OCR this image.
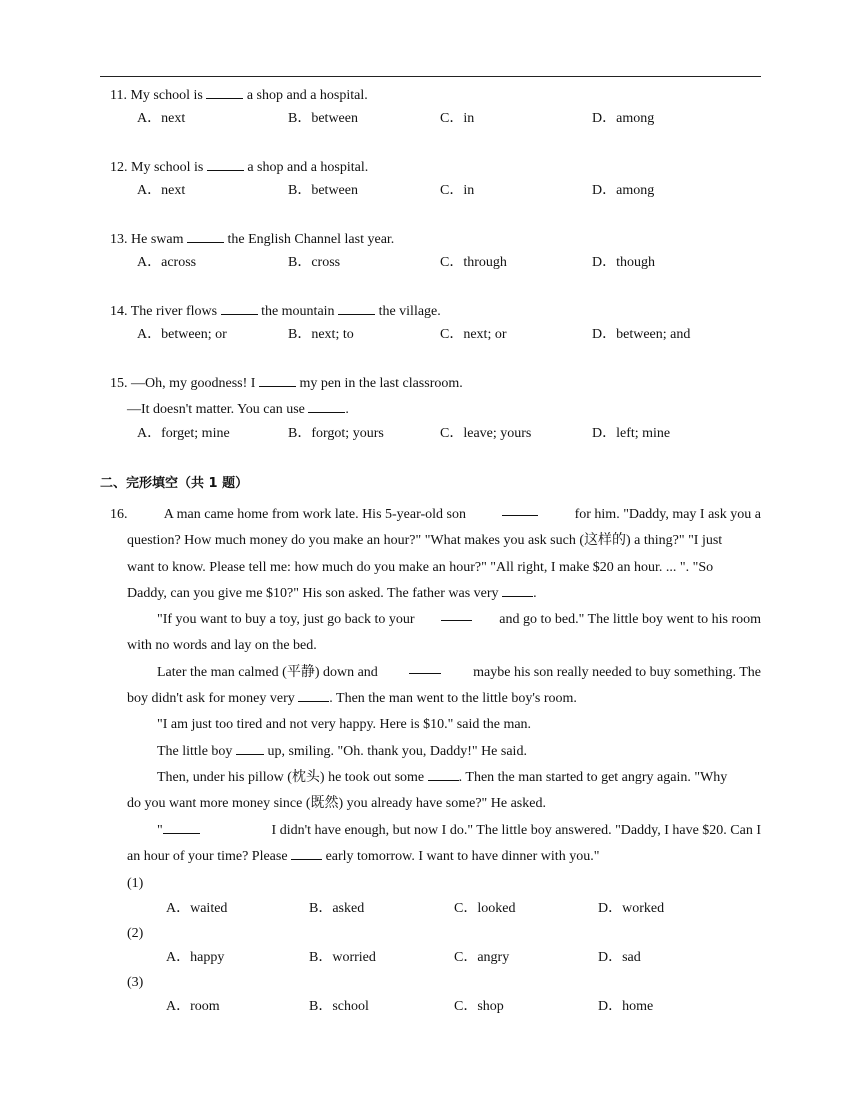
11. My school is	a shop and a hospital.
A．next	B．between	C．in	D．among
12. My school is	a shop and a hospital.
A．next	B．between	C．in	D．among
13. He swam	the English Channel last year.
A．across	B．cross	C．through	D．though
14. The river flows	the mountain	the village.
A．between; or	B．next; to	C．next; or	D．between; and
15. —Oh, my goodness! I	my pen in the last classroom.
—It doesn't matter. You can use	.
A．forget; mine	B．forgot; yours	C．leave; yours	D．left; mine
二、完形填空（共 1 题）
16.	A man came home from work late. His 5-year-old son	for him. "Daddy, may I ask you a
question? How much money do you make an hour?" "What makes you ask such (这样的) a thing?" "I just
want to know. Please tell me: how much do you make an hour?" "All right, I make $20 an hour. ... ". "So
Daddy, can you give me $10?" His son asked. The father was very .
"If you want to buy a toy, just go back to your	and go to bed." The little boy went to his room
with no words and lay on the bed.
Later the man calmed (平静) down and	maybe his son really needed to buy something. The
boy didn't ask for money very . Then the man went to the little boy's room.
"I am just too tired and not very happy. Here is $10." said the man.
The little boy	up, smiling. "Oh. thank you, Daddy!" He said.
Then, under his pillow (枕头) he took out some . Then the man started to get angry again. "Why
do you want more money since (既然) you already have some?" He asked.
"	I didn't have enough, but now I do." The little boy answered. "Daddy, I have $20. Can I
an hour of your time? Please	early tomorrow. I want to have dinner with you."
(1)
A．waited	B．asked	C．looked	D．worked
(2)
A．happy	B．worried	C．angry	D．sad
(3)
A．room	B．school	C．shop	D．home
